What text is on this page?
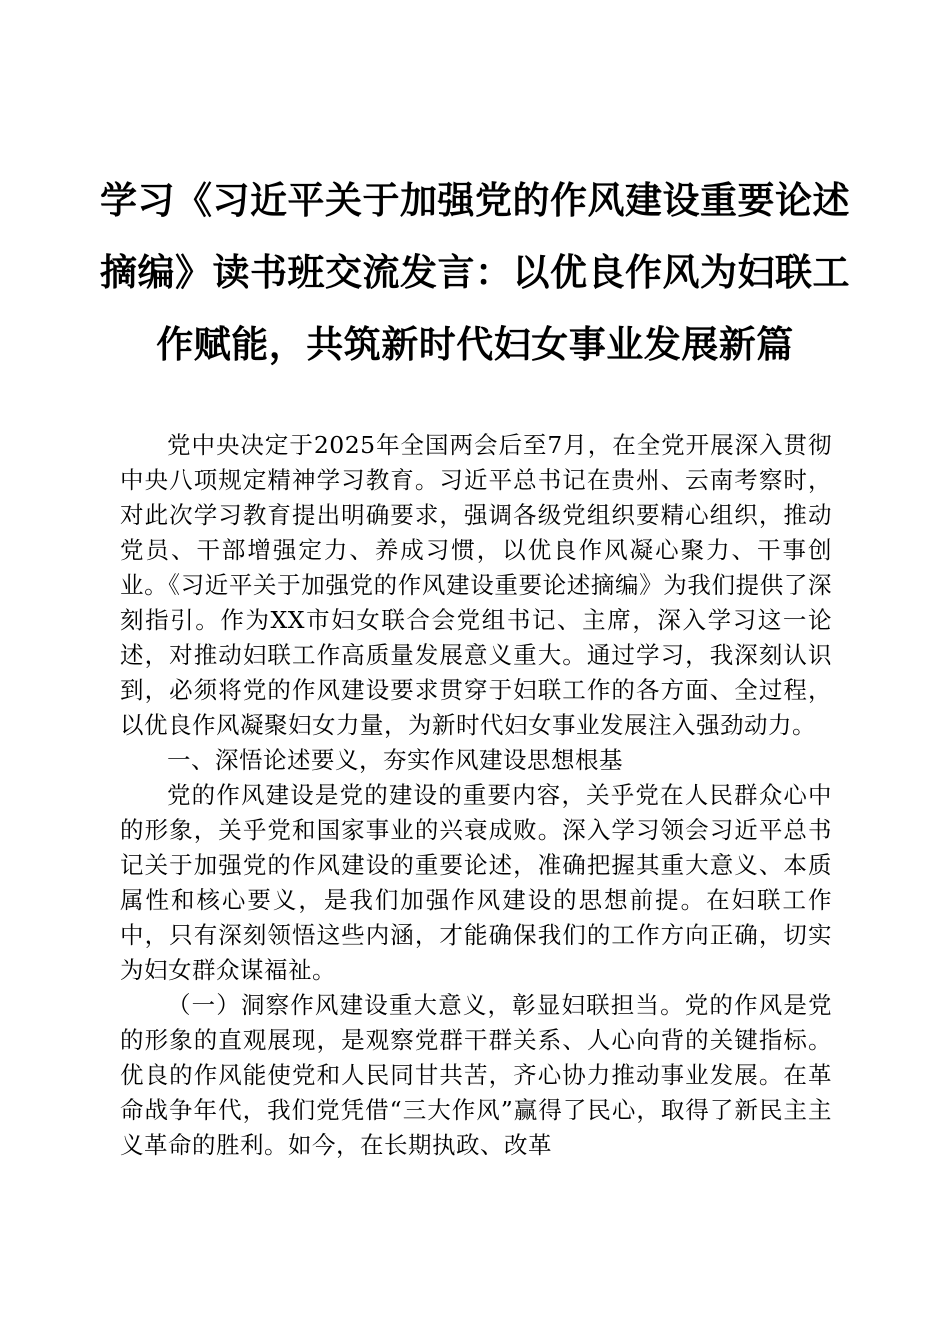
学习《习近平关于加强党的作风建设重要论述
摘编》读书班交流发言：以优良作风为妇联工
作赋能，共筑新时代妇女事业发展新篇

党中央决定于2025年全国两会后至7月，在全党开展深入贯彻中央八项规定精神学习教育。习近平总书记在贵州、云南考察时，对此次学习教育提出明确要求，强调各级党组织要精心组织，推动党员、干部增强定力、养成习惯，以优良作风凝心聚力、干事创业。《习近平关于加强党的作风建设重要论述摘编》为我们提供了深刻指引。作为XX市妇女联合会党组书记、主席，深入学习这一论述，对推动妇联工作高质量发展意义重大。通过学习，我深刻认识到，必须将党的作风建设要求贯穿于妇联工作的各方面、全过程，以优良作风凝聚妇女力量，为新时代妇女事业发展注入强劲动力。

一、深悟论述要义，夯实作风建设思想根基

党的作风建设是党的建设的重要内容，关乎党在人民群众心中的形象，关乎党和国家事业的兴衰成败。深入学习领会习近平总书记关于加强党的作风建设的重要论述，准确把握其重大意义、本质属性和核心要义，是我们加强作风建设的思想前提。在妇联工作中，只有深刻领悟这些内涵，才能确保我们的工作方向正确，切实为妇女群众谋福祉。

（一）洞察作风建设重大意义，彰显妇联担当。党的作风是党的形象的直观展现，是观察党群干群关系、人心向背的关键指标。优良的作风能使党和人民同甘共苦，齐心协力推动事业发展。在革命战争年代，我们党凭借“三大作风”赢得了民心，取得了新民主主义革命的胜利。如今，在长期执政、改革
